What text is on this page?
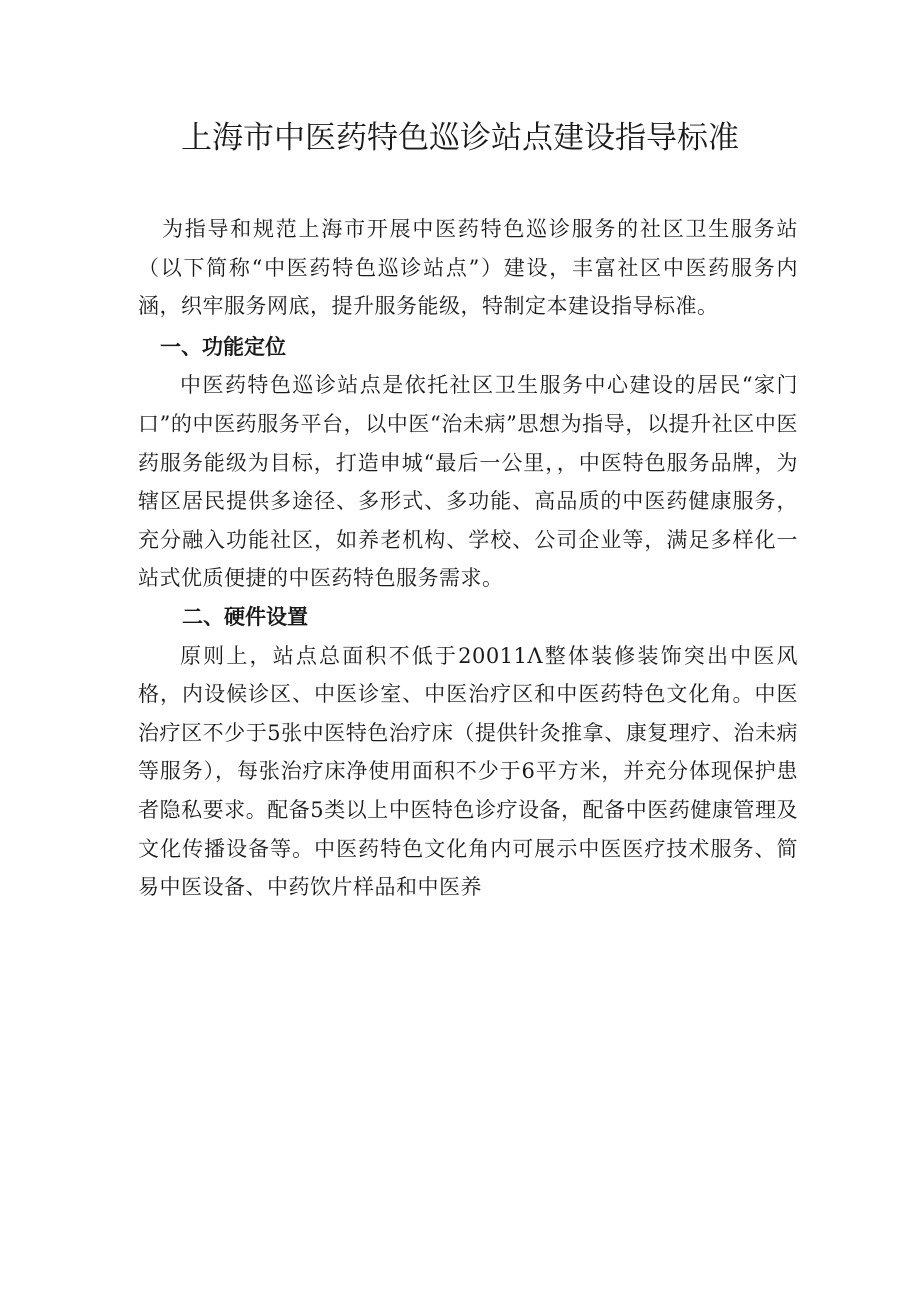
上海市中医药特色巡诊站点建设指导标准

为指导和规范上海市开展中医药特色巡诊服务的社区卫生服务站（以下简称“中医药特色巡诊站点”）建设，丰富社区中医药服务内涵，织牢服务网底，提升服务能级，特制定本建设指导标准。

一、功能定位

中医药特色巡诊站点是依托社区卫生服务中心建设的居民“家门口”的中医药服务平台，以中医“治未病”思想为指导，以提升社区中医药服务能级为目标，打造申城“最后一公里，，中医特色服务品牌，为辖区居民提供多途径、多形式、多功能、高品质的中医药健康服务，充分融入功能社区，如养老机构、学校、公司企业等，满足多样化一站式优质便捷的中医药特色服务需求。

二、硬件设置

原则上，站点总面积不低于20011Λ整体装修装饰突出中医风格，内设候诊区、中医诊室、中医治疗区和中医药特色文化角。中医治疗区不少于5张中医特色治疗床（提供针灸推拿、康复理疗、治未病等服务），每张治疗床净使用面积不少于6平方米，并充分体现保护患者隐私要求。配备5类以上中医特色诊疗设备，配备中医药健康管理及文化传播设备等。中医药特色文化角内可展示中医医疗技术服务、简易中医设备、中药饮片样品和中医养
